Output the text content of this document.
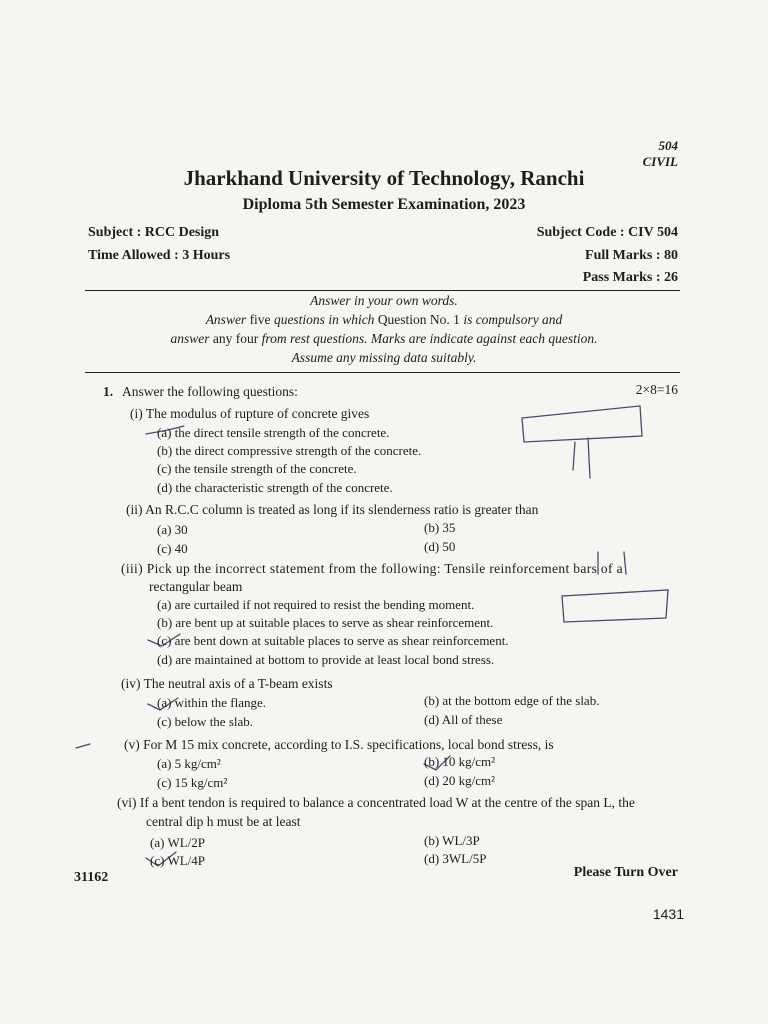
504
CIVIL
Jharkhand University of Technology, Ranchi
Diploma 5th Semester Examination, 2023
Subject : RCC Design	Subject Code : CIV 504
Time Allowed : 3 Hours	Full Marks : 80
Pass Marks : 26
Answer in your own words.
Answer five questions in which Question No. 1 is compulsory and
answer any four from rest questions. Marks are indicate against each question.
Assume any missing data suitably.
1. Answer the following questions:	2×8=16
(i) The modulus of rupture of concrete gives
(a) the direct tensile strength of the concrete.
(b) the direct compressive strength of the concrete.
(c) the tensile strength of the concrete.
(d) the characteristic strength of the concrete.
(ii) An R.C.C column is treated as long if its slenderness ratio is greater than
(a) 30	(b) 35
(c) 40	(d) 50
(iii) Pick up the incorrect statement from the following: Tensile reinforcement bars of a
rectangular beam
(a) are curtailed if not required to resist the bending moment.
(b) are bent up at suitable places to serve as shear reinforcement.
(c) are bent down at suitable places to serve as shear reinforcement.
(d) are maintained at bottom to provide at least local bond stress.
(iv) The neutral axis of a T-beam exists
(a) within the flange.	(b) at the bottom edge of the slab.
(c) below the slab.	(d) All of these
(v) For M 15 mix concrete, according to I.S. specifications, local bond stress, is
(a) 5 kg/cm²	(b) 10 kg/cm²
(c) 15 kg/cm²	(d) 20 kg/cm²
(vi) If a bent tendon is required to balance a concentrated load W at the centre of the span L, the
central dip h must be at least
(a) WL/2P	(b) WL/3P
(c) WL/4P	(d) 3WL/5P
31162	Please Turn Over
1431
